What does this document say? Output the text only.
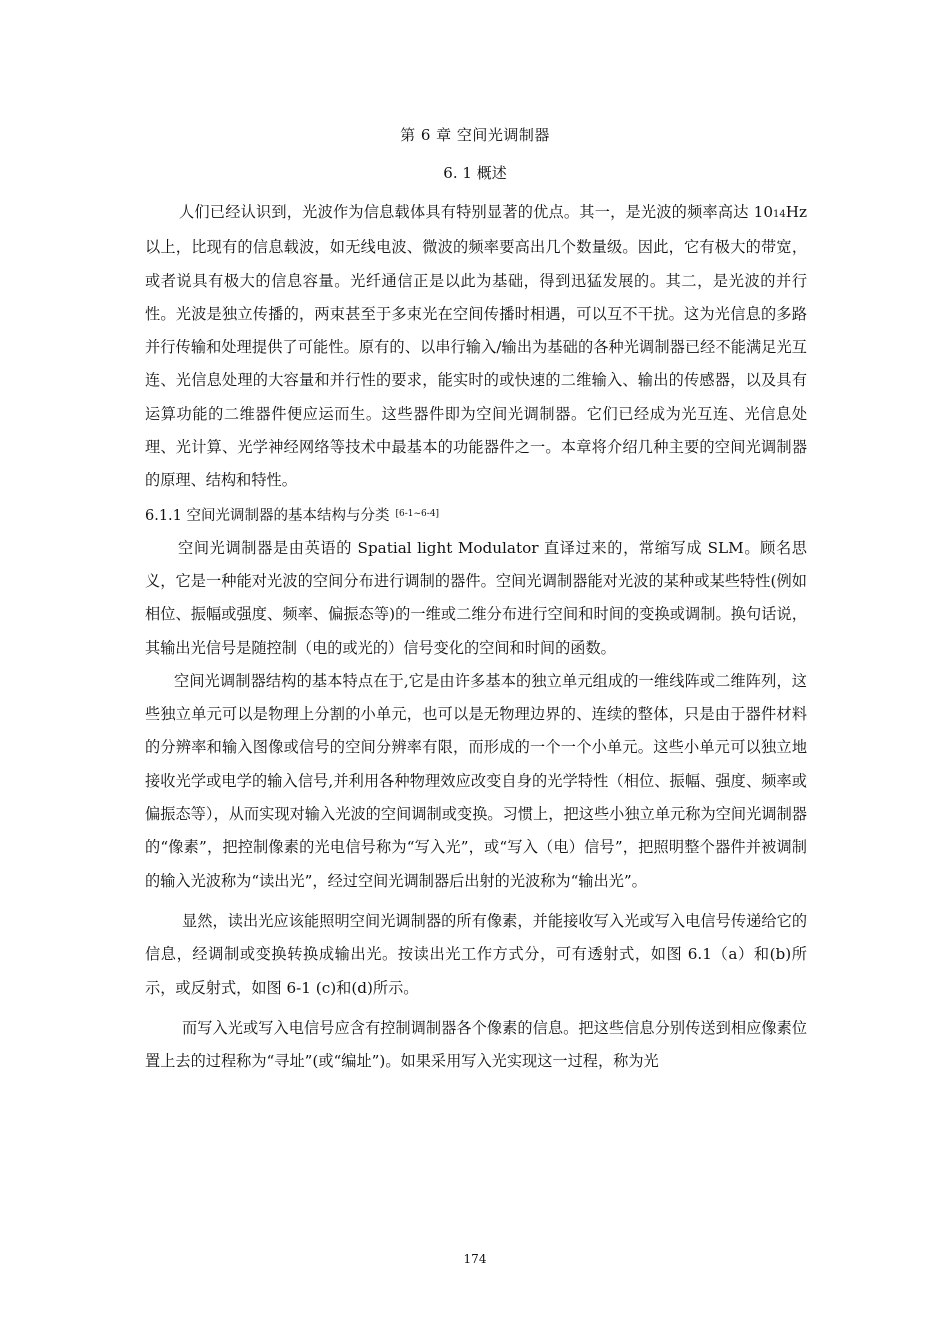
第 6 章 空间光调制器
6. 1 概述

人们已经认识到，光波作为信息载体具有特别显著的优点。其一，是光波的频率高达 1014Hz 以上，比现有的信息载波，如无线电波、微波的频率要高出几个数量级。因此，它有极大的带宽，或者说具有极大的信息容量。光纤通信正是以此为基础，得到迅猛发展的。其二，是光波的并行性。光波是独立传播的，两束甚至于多束光在空间传播时相遇，可以互不干扰。这为光信息的多路并行传输和处理提供了可能性。原有的、以串行输入/输出为基础的各种光调制器已经不能满足光互连、光信息处理的大容量和并行性的要求，能实时的或快速的二维输入、输出的传感器，以及具有运算功能的二维器件便应运而生。这些器件即为空间光调制器。它们已经成为光互连、光信息处理、光计算、光学神经网络等技术中最基本的功能器件之一。本章将介绍几种主要的空间光调制器的原理、结构和特性。

6.1.1 空间光调制器的基本结构与分类 [6-1~6-4]

空间光调制器是由英语的 Spatial light Modulator 直译过来的，常缩写成 SLM。顾名思义，它是一种能对光波的空间分布进行调制的器件。空间光调制器能对光波的某种或某些特性(例如相位、振幅或强度、频率、偏振态等)的一维或二维分布进行空间和时间的变换或调制。换句话说，其输出光信号是随控制（电的或光的）信号变化的空间和时间的函数。

空间光调制器结构的基本特点在于,它是由许多基本的独立单元组成的一维线阵或二维阵列，这些独立单元可以是物理上分割的小单元，也可以是无物理边界的、连续的整体，只是由于器件材料的分辨率和输入图像或信号的空间分辨率有限，而形成的一个一个小单元。这些小单元可以独立地接收光学或电学的输入信号,并利用各种物理效应改变自身的光学特性（相位、振幅、强度、频率或偏振态等），从而实现对输入光波的空间调制或变换。习惯上，把这些小独立单元称为空间光调制器的“像素”，把控制像素的光电信号称为“写入光”，或“写入（电）信号”，把照明整个器件并被调制的输入光波称为“读出光”，经过空间光调制器后出射的光波称为“输出光”。

显然，读出光应该能照明空间光调制器的所有像素，并能接收写入光或写入电信号传递给它的信息，经调制或变换转换成输出光。按读出光工作方式分，可有透射式，如图 6.1（a）和(b)所示，或反射式，如图 6-1 (c)和(d)所示。

而写入光或写入电信号应含有控制调制器各个像素的信息。把这些信息分别传送到相应像素位置上去的过程称为“寻址”(或“编址”)。如果采用写入光实现这一过程，称为光

174
